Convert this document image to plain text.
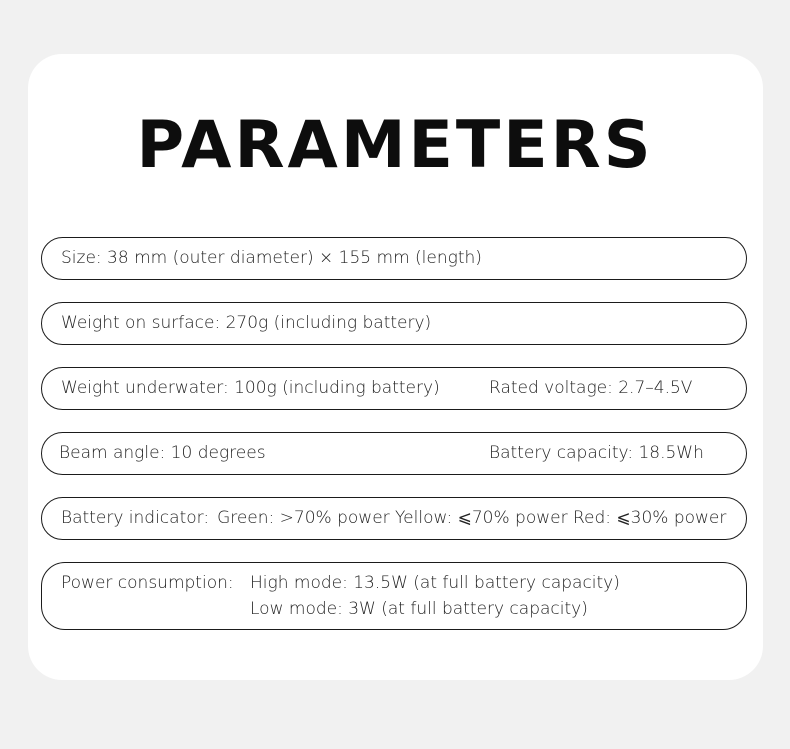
PARAMETERS
Size: 38 mm (outer diameter) × 155 mm (length)
Weight on surface: 270g (including battery)
Weight underwater: 100g (including battery)	Rated voltage: 2.7–4.5V
Beam angle: 10 degrees	Battery capacity: 18.5Wh
Battery indicator: Green: >70% power Yellow: ⩽70% power Red: ⩽30% power
Power consumption: High mode: 13.5W (at full battery capacity)
Low mode: 3W (at full battery capacity)
